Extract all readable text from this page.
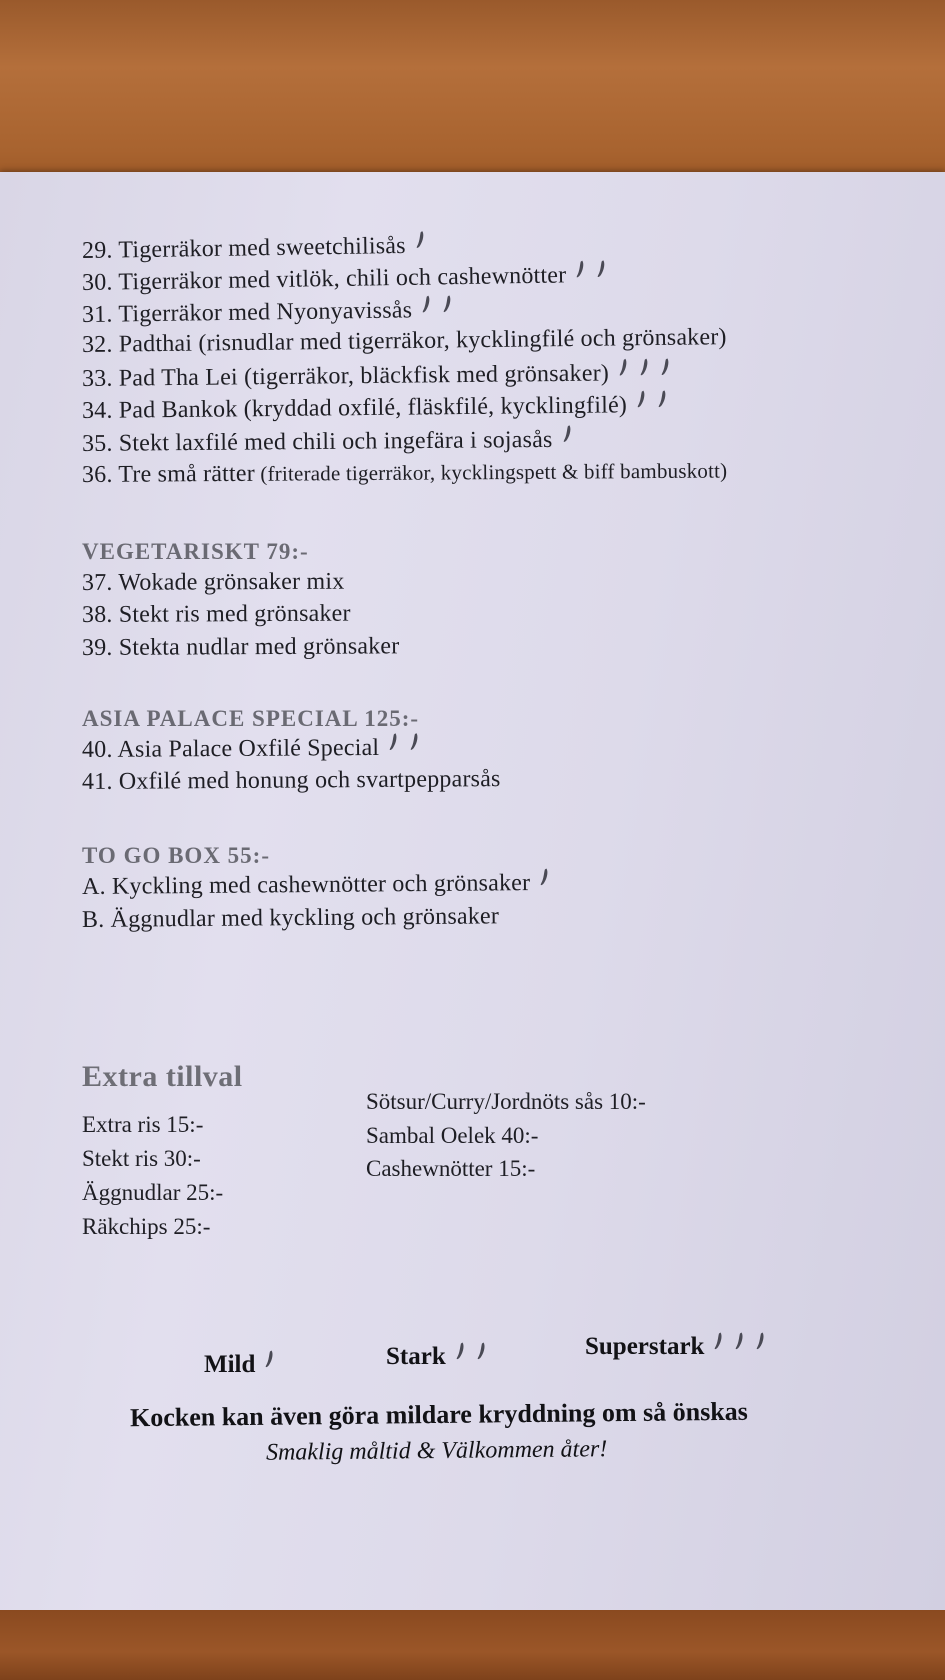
29. Tigerräkor med sweetchilisås
30. Tigerräkor med vitlök, chili och cashewnötter
31. Tigerräkor med Nyonyavissås
32. Padthai (risnudlar med tigerräkor, kycklingfilé och grönsaker)
33. Pad Tha Lei (tigerräkor, bläckfisk med grönsaker)
34. Pad Bankok (kryddad oxfilé, fläskfilé, kycklingfilé)
35. Stekt laxfilé med chili och ingefära i sojasås
36. Tre små rätter (friterade tigerräkor, kycklingspett & biff bambuskott)
VEGETARISKT 79:-
37. Wokade grönsaker mix
38. Stekt ris med grönsaker
39. Stekta nudlar med grönsaker
ASIA PALACE SPECIAL 125:-
40. Asia Palace Oxfilé Special
41. Oxfilé med honung och svartpepparsås
TO GO BOX 55:-
A. Kyckling med cashewnötter och grönsaker
B. Äggnudlar med kyckling och grönsaker
Extra tillval
Extra ris 15:-
Stekt ris 30:-
Äggnudlar 25:-
Räkchips 25:-
Sötsur/Curry/Jordnöts sås 10:-
Sambal Oelek 40:-
Cashewnötter 15:-
Mild	Stark	Superstark
Kocken kan även göra mildare kryddning om så önskas
Smaklig måltid & Välkommen åter!
